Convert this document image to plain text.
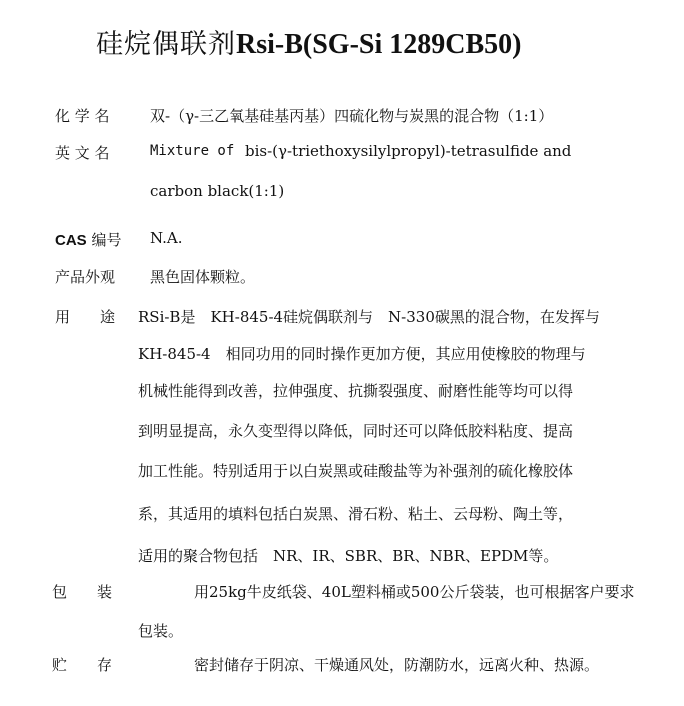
硅烷偶联剂Rsi-B(SG-Si 1289CB50)
化 学 名	双-（γ-三乙氧基硅基丙基）四硫化物与炭黑的混合物（1:1）
英 文 名	Mixture of bis-(γ-triethoxysilylpropyl)-tetrasulfide and
carbon black(1:1)
CAS 编号 N.A.
产品外观 黑色固体颗粒。
用　　途 RSi-B是　KH-845-4硅烷偶联剂与　N-330碳黑的混合物，在发挥与
KH-845-4　相同功用的同时操作更加方便，其应用使橡胶的物理与
机械性能得到改善，拉伸强度、抗撕裂强度、耐磨性能等均可以得
到明显提高，永久变型得以降低，同时还可以降低胶料粘度、提高
加工性能。特别适用于以白炭黑或硅酸盐等为补强剂的硫化橡胶体
系，其适用的填料包括白炭黑、滑石粉、粘土、云母粉、陶土等，
适用的聚合物包括　NR、IR、SBR、BR、NBR、EPDM等。
包　　装	用25kg牛皮纸袋、40L塑料桶或500公斤袋装，也可根据客户要求
包装。
贮　　存	密封储存于阴凉、干燥通风处，防潮防水，远离火种、热源。
